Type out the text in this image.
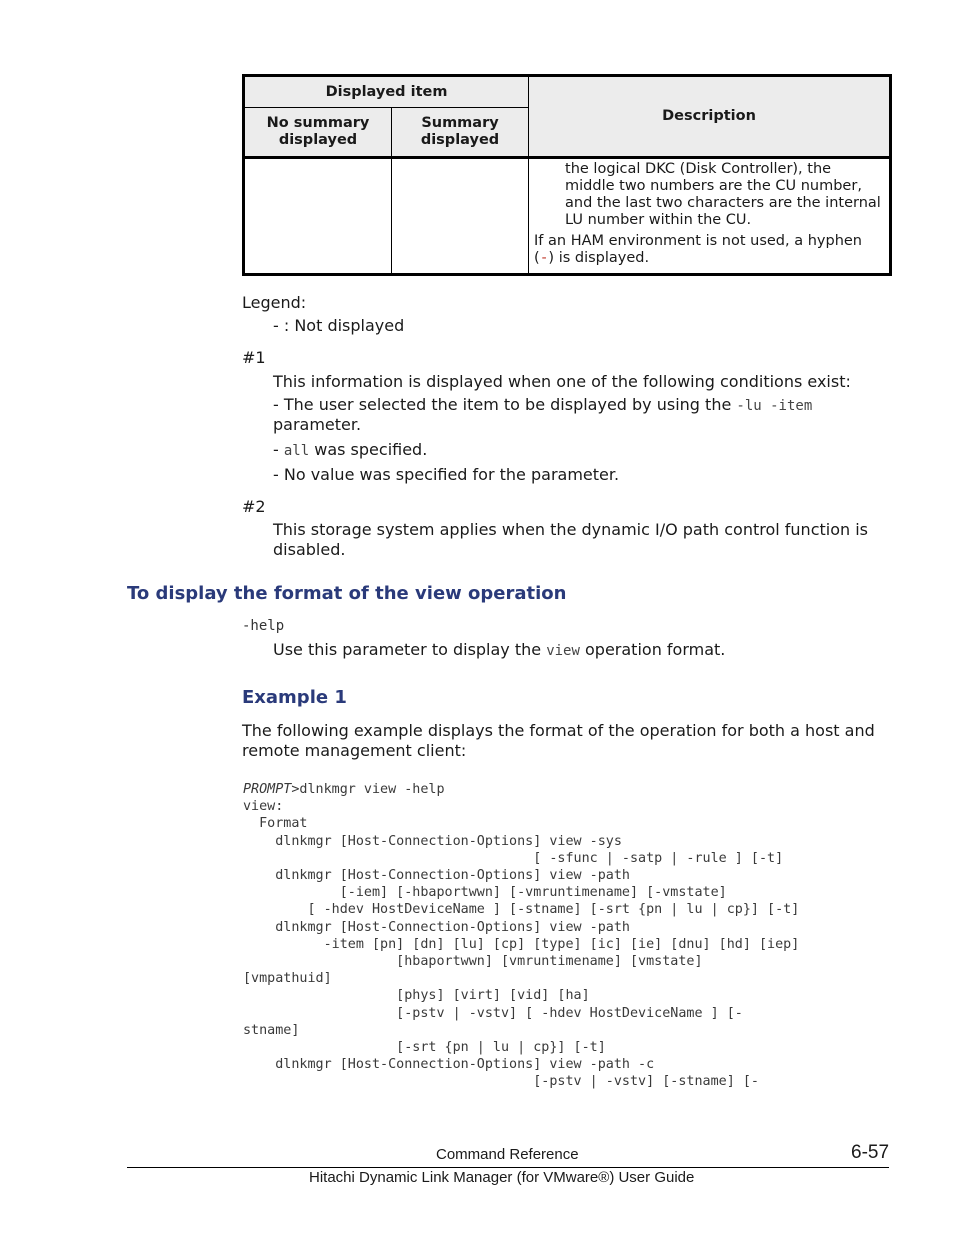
Displayed item		Description
No summary displayed	Summary displayed	

		the logical DKC (Disk Controller), the middle two numbers are the CU number, and the last two characters are the internal LU number within the CU.

If an HAM environment is not used, a hyphen (-) is displayed.

Legend:
- : Not displayed
#1
This information is displayed when one of the following conditions exist:
- The user selected the item to be displayed by using the -lu -item
parameter.
- all was specified.
- No value was specified for the parameter.
#2
This storage system applies when the dynamic I/O path control function is disabled.
To display the format of the view operation
-help
Use this parameter to display the view operation format.
Example 1
The following example displays the format of the operation for both a host and remote management client:
PROMPT>dlnkmgr view -help
view:
Format
dlnkmgr [Host-Connection-Options] view -sys
[ -sfunc | -satp | -rule ] [-t]
dlnkmgr [Host-Connection-Options] view -path
[-iem] [-hbaportwwn] [-vmruntimename] [-vmstate]
[ -hdev HostDeviceName ] [-stname] [-srt {pn | lu | cp}] [-t]
dlnkmgr [Host-Connection-Options] view -path
-item [pn] [dn] [lu] [cp] [type] [ic] [ie] [dnu] [hd] [iep]
[hbaportwwn] [vmruntimename] [vmstate]
[vmpathuid]
[phys] [virt] [vid] [ha]
[-pstv | -vstv] [ -hdev HostDeviceName ] [-
stname]
[-srt {pn | lu | cp}] [-t]
dlnkmgr [Host-Connection-Options] view -path -c
[-pstv | -vstv] [-stname] [-
Command Reference	6-57
Hitachi Dynamic Link Manager (for VMware®) User Guide
